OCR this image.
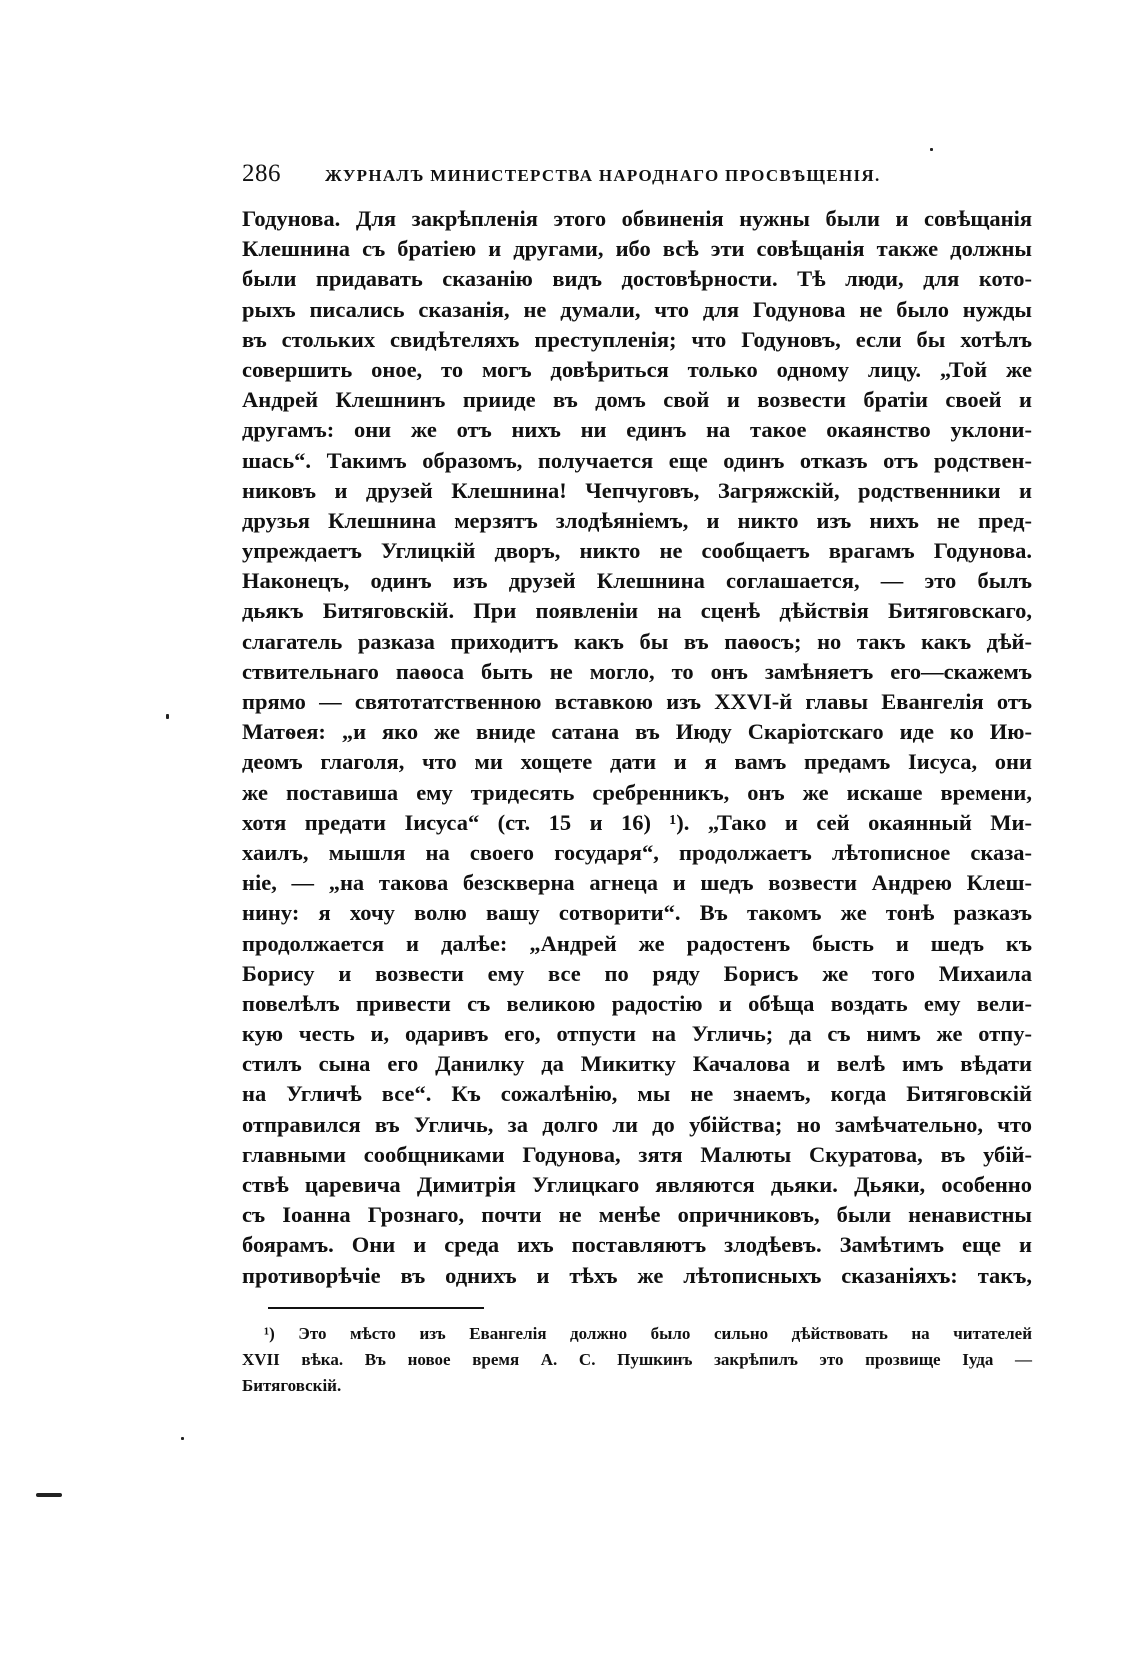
286	ЖУРНАЛЪ МИНИСТЕРСТВА НАРОДНАГО ПРОСВѢЩЕНІЯ.
Годунова. Для закрѣпленія этого обвиненія нужны были и совѣщанія
Клешнина съ братіею и другами, ибо всѣ эти совѣщанія также должны
были придавать сказанію видъ достовѣрности. Тѣ люди, для кото-
рыхъ писались сказанія, не думали, что для Годунова не было нужды
въ стольких свидѣтеляхъ преступленія; что Годуновъ, если бы хотѣлъ
совершить оное, то могъ довѣриться только одному лицу. „Той же
Андрей Клешнинъ прииде въ домъ свой и возвести братіи своей и
другамъ: они же отъ нихъ ни единъ на такое окаянство уклони-
шась“. Такимъ образомъ, получается еще одинъ отказъ отъ родствен-
никовъ и друзей Клешнина! Чепчуговъ, Загряжскій, родственники и
друзья Клешнина мерзятъ злодѣяніемъ, и никто изъ нихъ не пред-
упреждаетъ Углицкій дворъ, никто не сообщаетъ врагамъ Годунова.
Наконецъ, одинъ изъ друзей Клешнина соглашается, — это былъ
дьякъ Битяговскій. При появленіи на сценѣ дѣйствія Битяговскаго,
слагатель разказа приходитъ какъ бы въ паѳосъ; но такъ какъ дѣй-
ствительнаго паѳоса быть не могло, то онъ замѣняетъ его—скажемъ
прямо — святотатственною вставкою изъ XXVI-й главы Евангелія отъ
Матѳея: „и яко же вниде сатана въ Июду Скаріотскаго иде ко Ию-
деомъ глаголя, что ми хощете дати и я вамъ предамъ Іисуса, они
же поставиша ему тридесять сребренникъ, онъ же искаше времени,
хотя предати Іисуса“ (ст. 15 и 16) ¹). „Тако и сей окаянный Ми-
хаилъ, мышля на своего государя“, продолжаетъ лѣтописное сказа-
ніе, — „на такова безскверна агнеца и шедъ возвести Андрею Клеш-
нину: я хочу волю вашу сотворити“. Въ такомъ же тонѣ разказъ
продолжается и далѣе: „Андрей же радостенъ бысть и шедъ къ
Борису и возвести ему все по ряду Борисъ же того Михаила
повелѣлъ привести съ великою радостію и обѣща воздать ему вели-
кую честь и, одаривъ его, отпусти на Угличь; да съ нимъ же отпу-
стилъ сына его Данилку да Микитку Качалова и велѣ имъ вѣдати
на Угличѣ все“. Къ сожалѣнію, мы не знаемъ, когда Битяговскій
отправился въ Угличь, за долго ли до убійства; но замѣчательно, что
главными сообщниками Годунова, зятя Малюты Скуратова, въ убій-
ствѣ царевича Димитрія Углицкаго являются дьяки. Дьяки, особенно
съ Іоанна Грознаго, почти не менѣе опричниковъ, были ненавистны
боярамъ. Они и среда ихъ поставляютъ злодѣевъ. Замѣтимъ еще и
противорѣчіе въ однихъ и тѣхъ же лѣтописныхъ сказаніяхъ: такъ,
¹) Это мѣсто изъ Евангелія должно было сильно дѣйствовать на читателей
XVII вѣка. Въ новое время А. С. Пушкинъ закрѣпилъ это прозвище Іуда —
Битяговскій.
